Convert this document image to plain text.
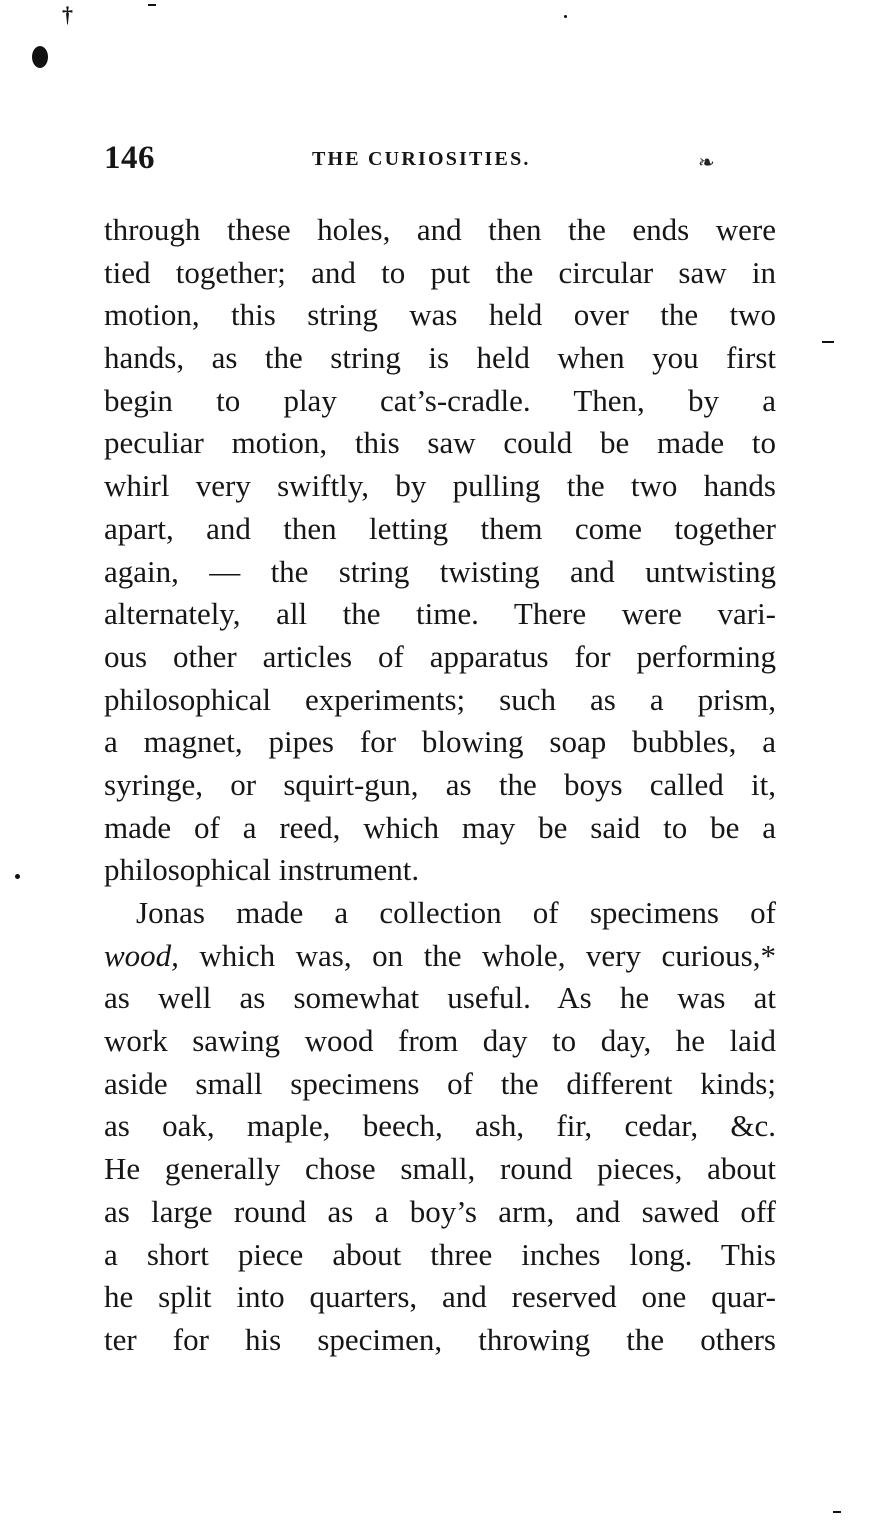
†
❧
146	THE CURIOSITIES.
through these holes, and then the ends were
tied together; and to put the circular saw in
motion, this string was held over the two
hands, as the string is held when you first
begin to play cat’s-cradle. Then, by a
peculiar motion, this saw could be made to
whirl very swiftly, by pulling the two hands
apart, and then letting them come together
again, — the string twisting and untwisting
alternately, all the time. There were vari-
ous other articles of apparatus for performing
philosophical experiments; such as a prism,
a magnet, pipes for blowing soap bubbles, a
syringe, or squirt-gun, as the boys called it,
made of a reed, which may be said to be a
philosophical instrument.
Jonas made a collection of specimens of
wood, which was, on the whole, very curious,*
as well as somewhat useful. As he was at
work sawing wood from day to day, he laid
aside small specimens of the different kinds;
as oak, maple, beech, ash, fir, cedar, &c.
He generally chose small, round pieces, about
as large round as a boy’s arm, and sawed off
a short piece about three inches long. This
he split into quarters, and reserved one quar-
ter for his specimen, throwing the others
